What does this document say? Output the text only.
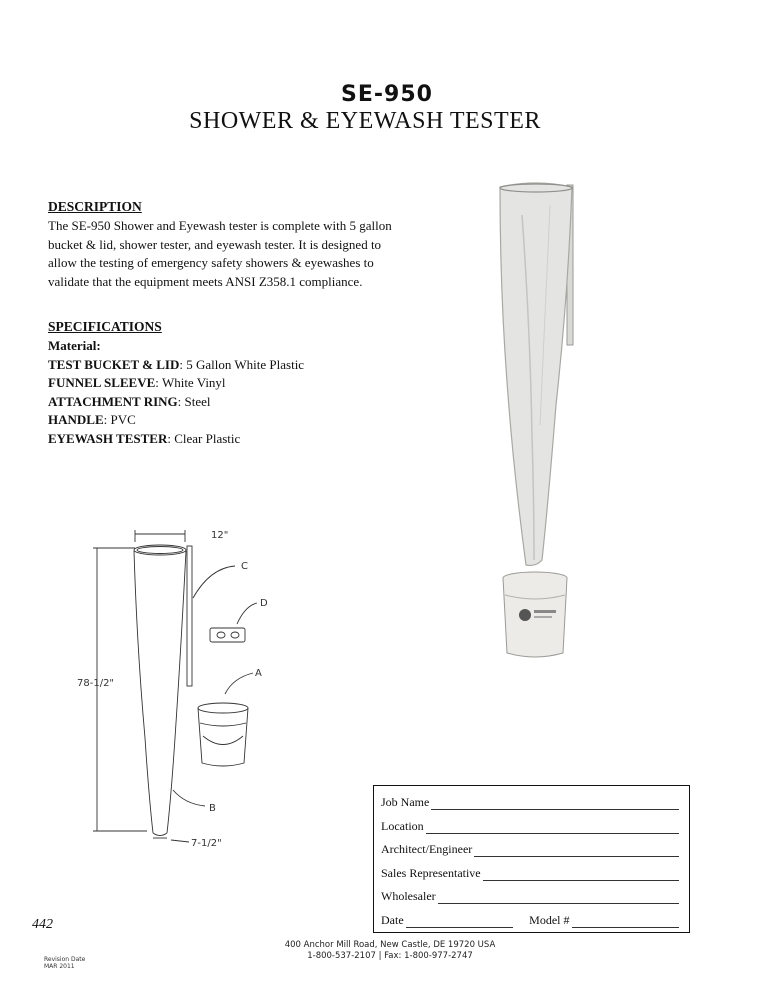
SE-950
SHOWER & EYEWASH TESTER
DESCRIPTION
The SE-950 Shower and Eyewash tester is complete with 5 gallon bucket & lid, shower tester, and eyewash tester. It is designed to allow the testing of emergency safety showers & eyewashes to validate that the equipment meets ANSI Z358.1 compliance.
SPECIFICATIONS
Material:
TEST BUCKET & LID: 5 Gallon White Plastic
FUNNEL SLEEVE: White Vinyl
ATTACHMENT RING: Steel
HANDLE: PVC
EYEWASH TESTER: Clear Plastic
12"
78-1/2"
7-1/2"
C
D
A
B	Job Name
Location
Architect/Engineer
Sales Representative
Wholesaler
Date	Model #
442
400 Anchor Mill Road, New Castle, DE 19720 USA
1-800-537-2107 | Fax: 1-800-977-2747
Revision Date
MAR 2011
